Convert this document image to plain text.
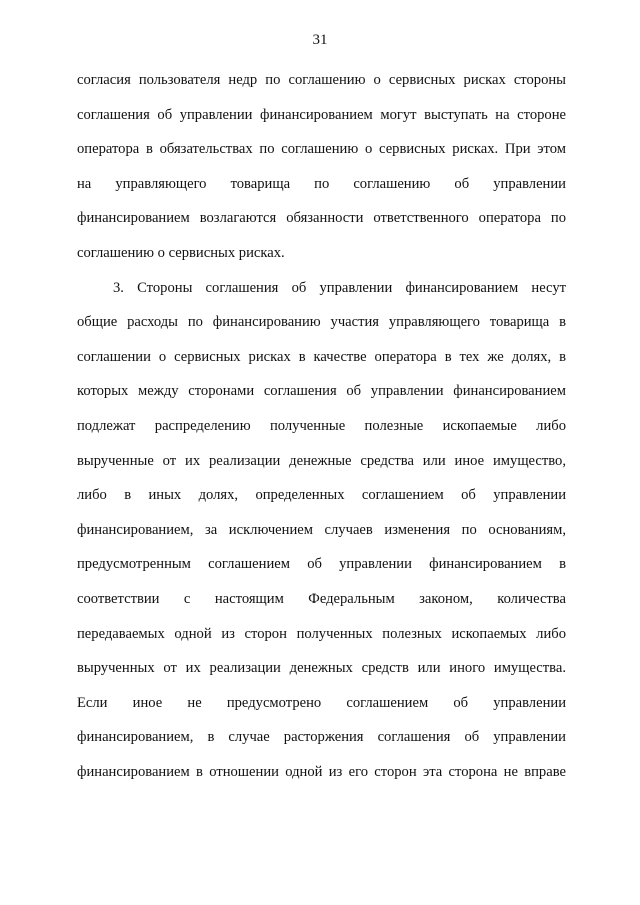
31
согласия пользователя недр по соглашению о сервисных рисках стороны
соглашения об управлении финансированием могут выступать на стороне
оператора в обязательствах по соглашению о сервисных рисках. При этом
на управляющего товарища по соглашению об управлении
финансированием возлагаются обязанности ответственного оператора по
соглашению о сервисных рисках.
3. Стороны соглашения об управлении финансированием несут
общие расходы по финансированию участия управляющего товарища в
соглашении о сервисных рисках в качестве оператора в тех же долях, в
которых между сторонами соглашения об управлении финансированием
подлежат распределению полученные полезные ископаемые либо
вырученные от их реализации денежные средства или иное имущество,
либо в иных долях, определенных соглашением об управлении
финансированием, за исключением случаев изменения по основаниям,
предусмотренным соглашением об управлении финансированием в
соответствии с настоящим Федеральным законом, количества
передаваемых одной из сторон полученных полезных ископаемых либо
вырученных от их реализации денежных средств или иного имущества.
Если иное не предусмотрено соглашением об управлении
финансированием, в случае расторжения соглашения об управлении
финансированием в отношении одной из его сторон эта сторона не вправе
